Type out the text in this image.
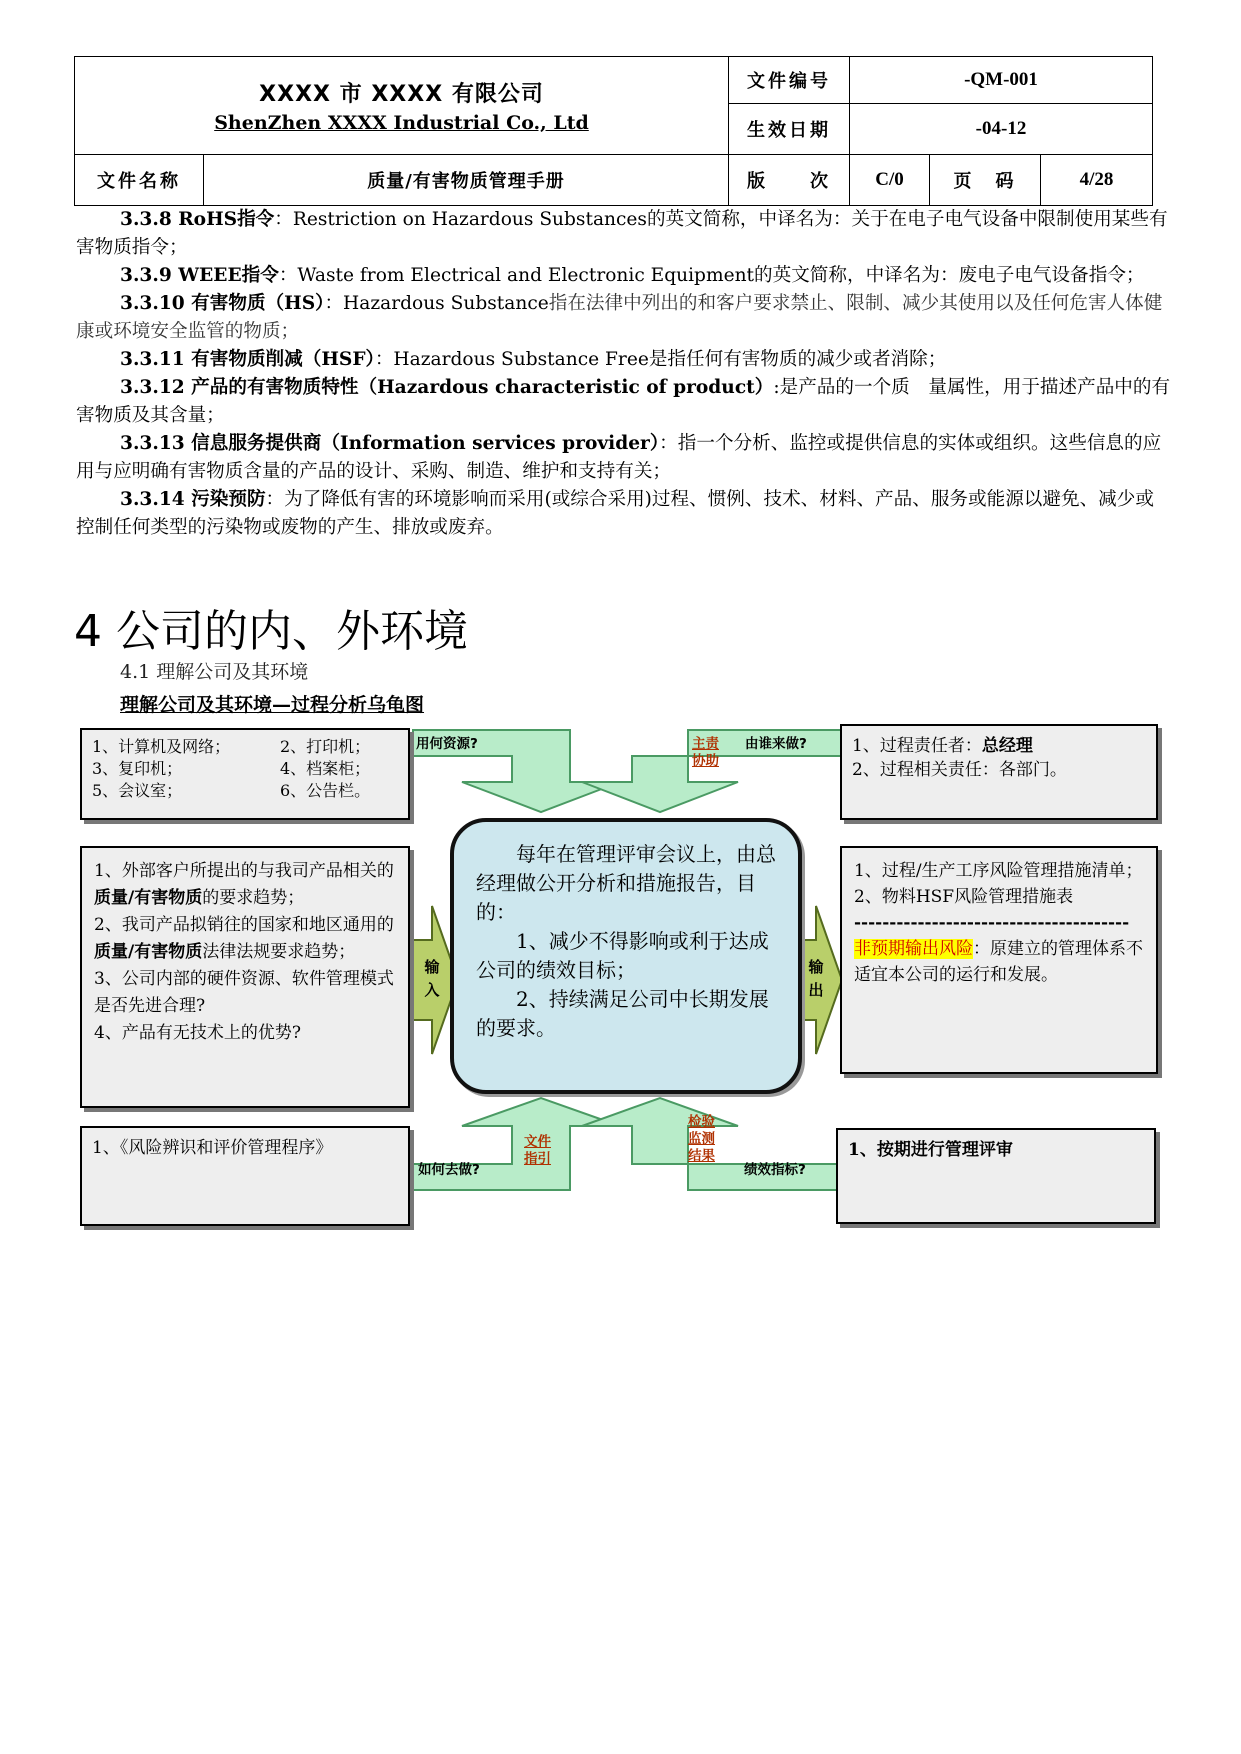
XXXX 市 XXXX 有限公司
ShenZhen XXXX Industrial Co., Ltd		文件编号	-QM-001		
		生效日期	-04-12		
文件名称	质量/有害物质管理手册	版　　次	C/0	页　码	4/28
3.3.8 RoHS指令：Restriction on Hazardous Substances的英文简称，中译名为：关于在电子电气设备中限制使用某些有害物质指令；
3.3.9 WEEE指令：Waste from Electrical and Electronic Equipment的英文简称，中译名为：废电子电气设备指令；
3.3.10 有害物质（HS）：Hazardous Substance指在法律中列出的和客户要求禁止、限制、减少其使用以及任何危害人体健康或环境安全监管的物质；
3.3.11 有害物质削减（HSF）：Hazardous Substance Free是指任何有害物质的减少或者消除；
3.3.12 产品的有害物质特性（Hazardous characteristic of product）:是产品的一个质　量属性，用于描述产品中的有害物质及其含量；
3.3.13 信息服务提供商（Information services provider）：指一个分析、监控或提供信息的实体或组织。这些信息的应用与应明确有害物质含量的产品的设计、采购、制造、维护和支持有关；
3.3.14 污染预防：为了降低有害的环境影响而采用(或综合采用)过程、惯例、技术、材料、产品、服务或能源以避免、减少或控制任何类型的污染物或废物的产生、排放或废弃。
4 公司的内、外环境
4.1 理解公司及其环境
理解公司及其环境—过程分析乌龟图
1、计算机及网络；	2、打印机；
3、复印机；	4、档案柜；
5、会议室；	6、公告栏。
用何资源?	主责协助
由谁来做?	1、过程责任者：总经理
2、过程相关责任：各部门。
1、外部客户所提出的与我司产品相关的质量/有害物质的要求趋势；
2、我司产品拟销往的国家和地区通用的质量/有害物质法律法规要求趋势；
3、公司内部的硬件资源、软件管理模式是否先进合理?
4、产品有无技术上的优势?
输入
每年在管理评审会议上，由总经理做公开分析和措施报告，目的：
1、减少不得影响或利于达成公司的绩效目标；
2、持续满足公司中长期发展的要求。
输出
1、过程/生产工序风险管理措施清单；
2、物料HSF风险管理措施表
---------------------------------------
非预期输出风险：原建立的管理体系不适宜本公司的运行和发展。
1、《风险辨识和评价管理程序》	文件指引
如何去做?
检验监测结果
绩效指标?
1、按期进行管理评审
